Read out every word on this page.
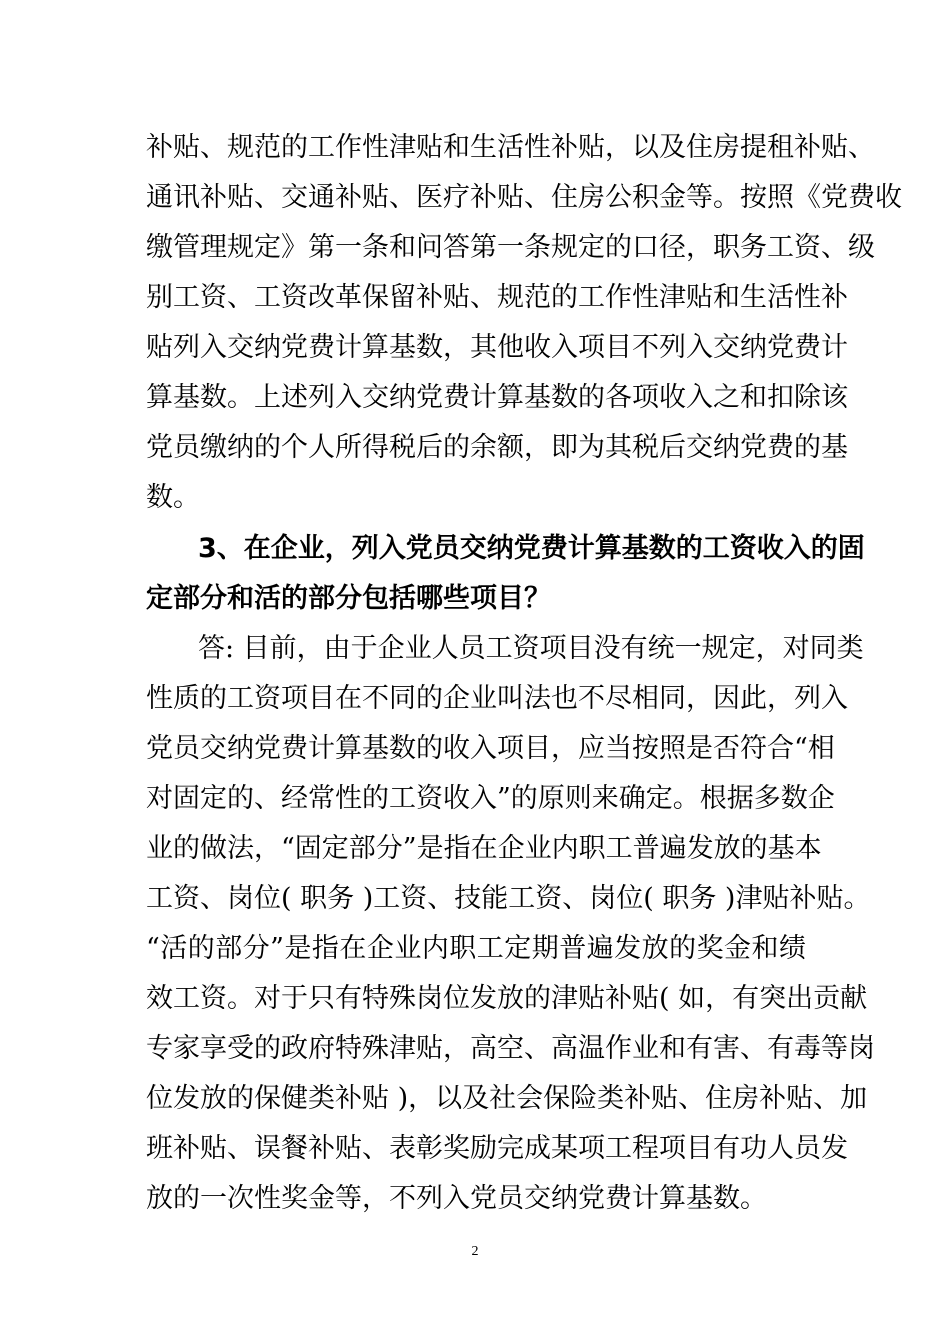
补贴、规范的工作性津贴和生活性补贴，以及住房提租补贴、
通讯补贴、交通补贴、医疗补贴、住房公积金等。按照《党费收
缴管理规定》第一条和问答第一条规定的口径，职务工资、级
别工资、工资改革保留补贴、规范的工作性津贴和生活性补
贴列入交纳党费计算基数，其他收入项目不列入交纳党费计
算基数。上述列入交纳党费计算基数的各项收入之和扣除该
党员缴纳的个人所得税后的余额，即为其税后交纳党费的基
数。
3、在企业，列入党员交纳党费计算基数的工资收入的固
定部分和活的部分包括哪些项目？
答: 目前，由于企业人员工资项目没有统一规定，对同类
性质的工资项目在不同的企业叫法也不尽相同，因此，列入
党员交纳党费计算基数的收入项目，应当按照是否符合“相
对固定的、经常性的工资收入”的原则来确定。根据多数企
业的做法，“固定部分”是指在企业内职工普遍发放的基本
工资、岗位( 职务 )工资、技能工资、岗位( 职务 )津贴补贴。
“活的部分”是指在企业内职工定期普遍发放的奖金和绩
效工资。对于只有特殊岗位发放的津贴补贴( 如，有突出贡献
专家享受的政府特殊津贴，高空、高温作业和有害、有毒等岗
位发放的保健类补贴 )，以及社会保险类补贴、住房补贴、加
班补贴、误餐补贴、表彰奖励完成某项工程项目有功人员发
放的一次性奖金等，不列入党员交纳党费计算基数。
2
